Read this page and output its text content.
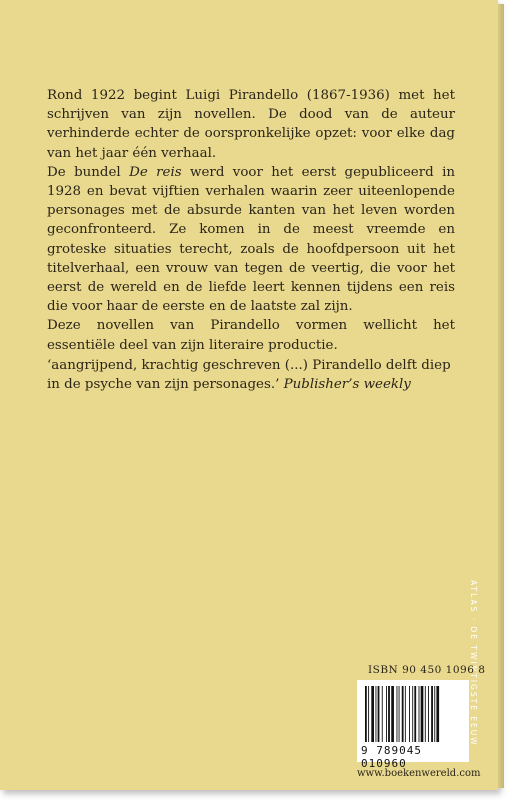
Rond 1922 begint Luigi Pirandello (1867-1936) met het schrijven van zijn novellen. De dood van de auteur verhinderde echter de oorspronkelijke opzet: voor elke dag van het jaar één verhaal.

De bundel De reis werd voor het eerst gepubliceerd in 1928 en bevat vijftien verhalen waarin zeer uiteenlopende personages met de absurde kanten van het leven worden geconfronteerd. Ze komen in de meest vreemde en groteske situaties terecht, zoals de hoofdpersoon uit het titelverhaal, een vrouw van tegen de veertig, die voor het eerst de wereld en de liefde leert kennen tijdens een reis die voor haar de eerste en de laatste zal zijn.

Deze novellen van Pirandello vormen wellicht het essentiële deel van zijn literaire productie.

‘aangrijpend, krachtig geschreven (...) Pirandello delft diep in de psyche van zijn personages.’ Publisher’s weekly
ATLAS · DE TWINTIGSTE EEUW
ISBN 90 450 1096 8
9 789045 010960
www.boekenwereld.com
